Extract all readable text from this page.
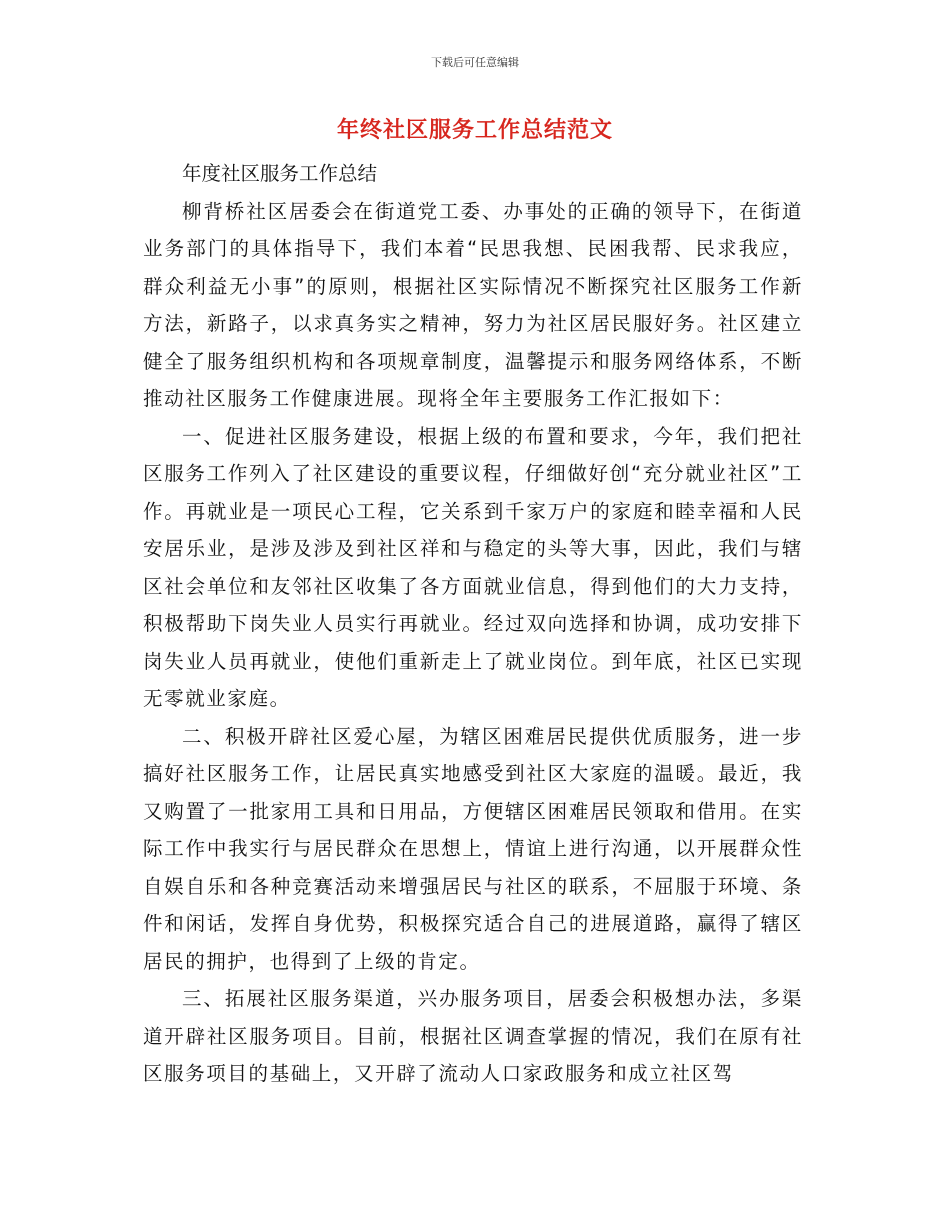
下载后可任意编辑
年终社区服务工作总结范文

年度社区服务工作总结

柳背桥社区居委会在街道党工委、办事处的正确的领导下，在街道业务部门的具体指导下，我们本着“民思我想、民困我帮、民求我应，群众利益无小事”的原则，根据社区实际情况不断探究社区服务工作新方法，新路子，以求真务实之精神，努力为社区居民服好务。社区建立健全了服务组织机构和各项规章制度，温馨提示和服务网络体系，不断推动社区服务工作健康进展。现将全年主要服务工作汇报如下：

一、促进社区服务建设，根据上级的布置和要求，今年，我们把社区服务工作列入了社区建设的重要议程，仔细做好创“充分就业社区”工作。再就业是一项民心工程，它关系到千家万户的家庭和睦幸福和人民安居乐业，是涉及涉及到社区祥和与稳定的头等大事，因此，我们与辖区社会单位和友邻社区收集了各方面就业信息，得到他们的大力支持，积极帮助下岗失业人员实行再就业。经过双向选择和协调，成功安排下岗失业人员再就业，使他们重新走上了就业岗位。到年底，社区已实现无零就业家庭。

二、积极开辟社区爱心屋，为辖区困难居民提供优质服务，进一步搞好社区服务工作，让居民真实地感受到社区大家庭的温暖。最近，我又购置了一批家用工具和日用品，方便辖区困难居民领取和借用。在实际工作中我实行与居民群众在思想上，情谊上进行沟通，以开展群众性自娱自乐和各种竞赛活动来增强居民与社区的联系，不屈服于环境、条件和闲话，发挥自身优势，积极探究适合自己的进展道路，赢得了辖区居民的拥护，也得到了上级的肯定。

三、拓展社区服务渠道，兴办服务项目，居委会积极想办法，多渠道开辟社区服务项目。目前，根据社区调查掌握的情况，我们在原有社区服务项目的基础上，又开辟了流动人口家政服务和成立社区驾
